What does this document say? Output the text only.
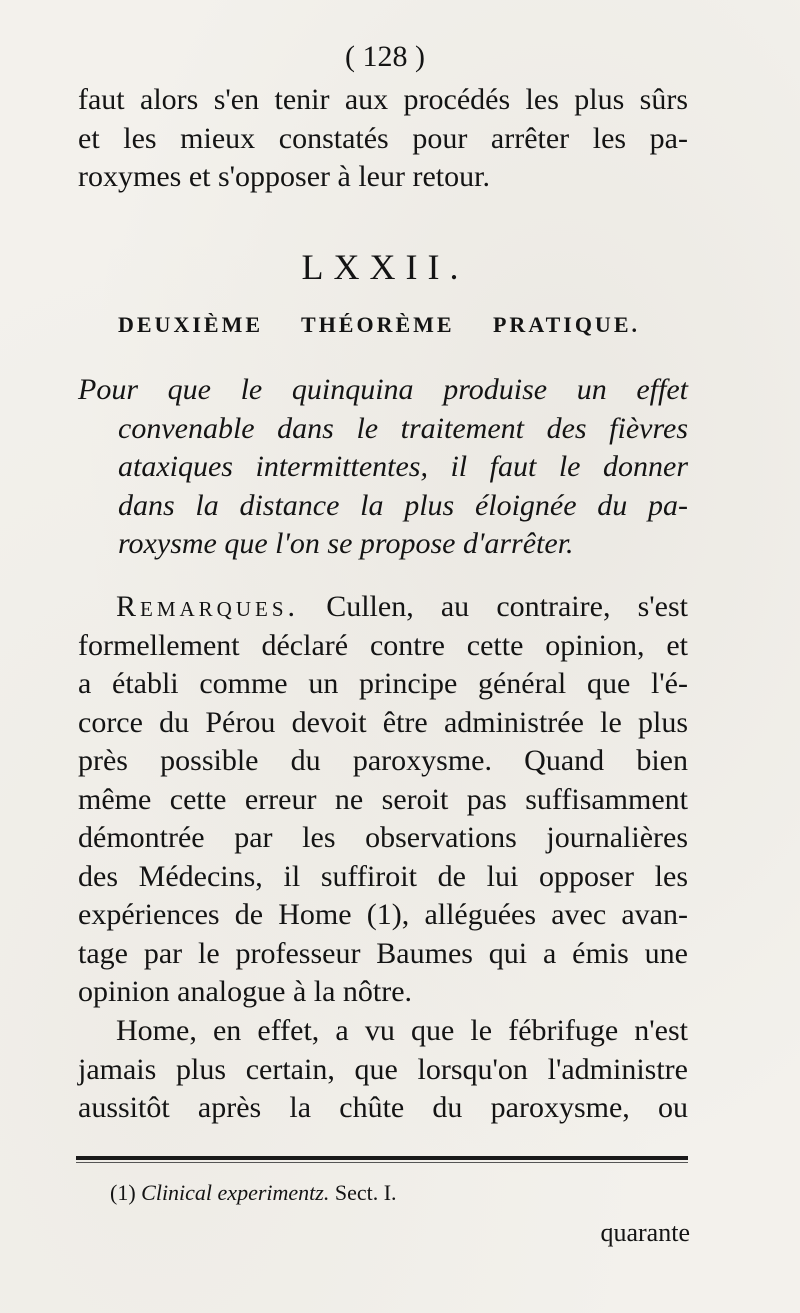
( 128 )
faut alors s'en tenir aux procédés les plus sûrs
et les mieux constatés pour arrêter les pa-
roxymes et s'opposer à leur retour.
LXXII.
DEUXIÈME THÉORÈME PRATIQUE.
Pour que le quinquina produise un effet
convenable dans le traitement des fièvres
ataxiques intermittentes, il faut le donner
dans la distance la plus éloignée du pa-
roxysme que l'on se propose d'arrêter.
Remarques. Cullen, au contraire, s'est
formellement déclaré contre cette opinion, et
a établi comme un principe général que l'é-
corce du Pérou devoit être administrée le plus
près possible du paroxysme. Quand bien
même cette erreur ne seroit pas suffisamment
démontrée par les observations journalières
des Médecins, il suffiroit de lui opposer les
expériences de Home (1), alléguées avec avan-
tage par le professeur Baumes qui a émis une
opinion analogue à la nôtre.
Home, en effet, a vu que le fébrifuge n'est
jamais plus certain, que lorsqu'on l'administre
aussitôt après la chûte du paroxysme, ou
(1) Clinical experimentz. Sect. I.
quarante
